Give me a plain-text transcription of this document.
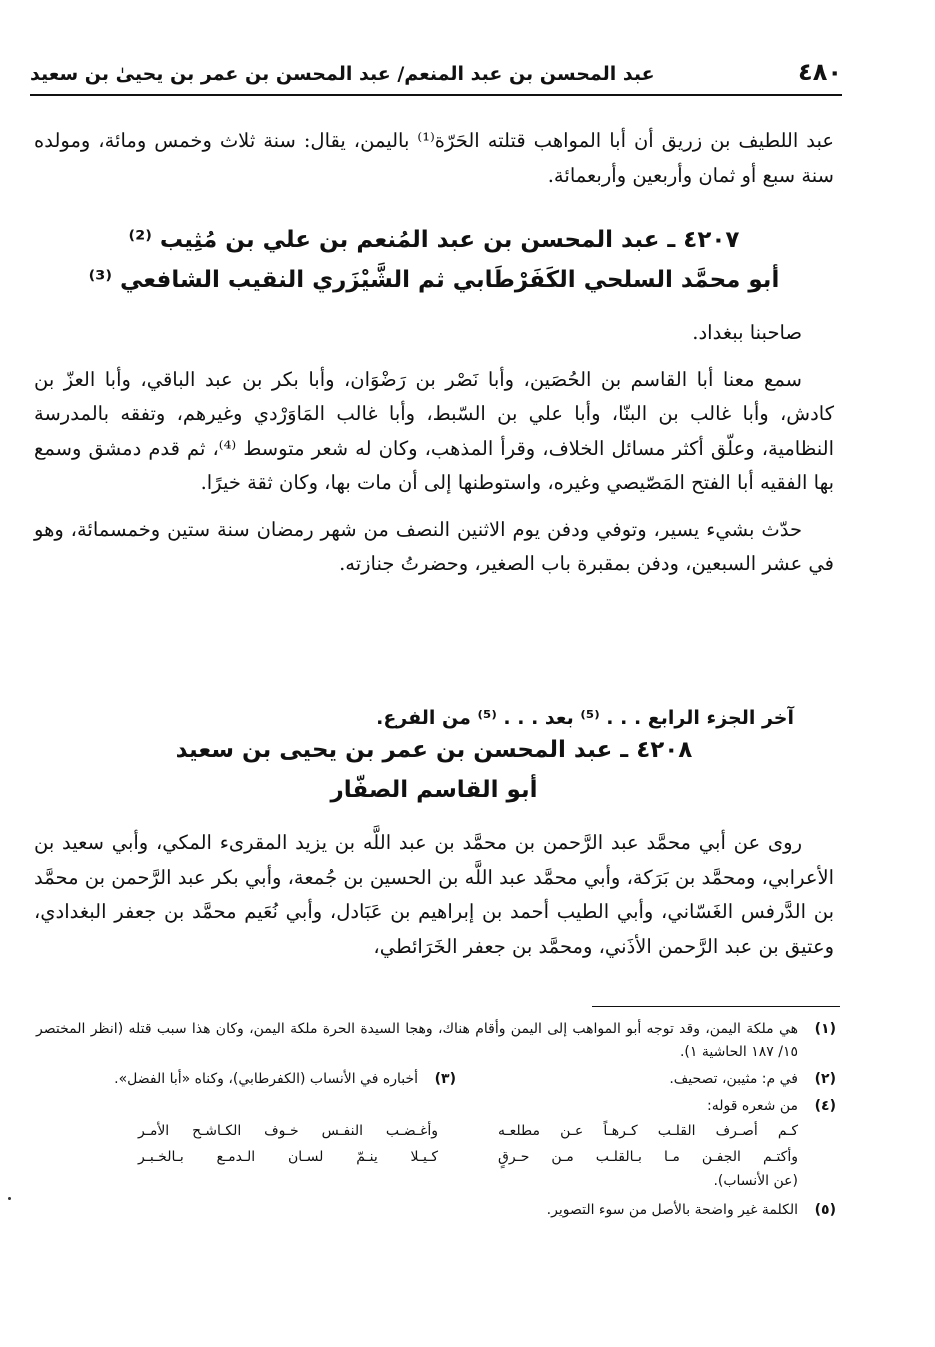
٤٨٠
عبد المحسن بن عبد المنعم/ عبد المحسن بن عمر بن يحيىٰ بن سعيد

عبد اللطيف بن زريق أن أبا المواهب قتلته الحَرّة⁽¹⁾ باليمن، يقال: سنة ثلاث وخمس ومائة، ومولده سنة سبع أو ثمان وأربعين وأربعمائة.

٤٢٠٧ ـ عبد المحسن بن عبد المُنعم بن علي بن مُثِيب ⁽²⁾
أبو محمَّد السلحي الكَفَرْطَابي ثم الشَّيْزَري النقيب الشافعي ⁽³⁾

صاحبنا ببغداد.

سمع معنا أبا القاسم بن الحُصَين، وأبا نَصْر بن رَضْوَان، وأبا بكر بن عبد الباقي، وأبا العزّ بن كادش، وأبا غالب بن البنّا، وأبا علي بن السّبط، وأبا غالب المَاوَرْدي وغيرهم، وتفقه بالمدرسة النظامية، وعلّق أكثر مسائل الخلاف، وقرأ المذهب، وكان له شعر متوسط ⁽⁴⁾، ثم قدم دمشق وسمع بها الفقيه أبا الفتح المَصّيصي وغيره، واستوطنها إلى أن مات بها، وكان ثقة خيرًا.

حدّث بشيء يسير، وتوفي ودفن يوم الاثنين النصف من شهر رمضان سنة ستين وخمسمائة، وهو في عشر السبعين، ودفن بمقبرة باب الصغير، وحضرتُ جنازته.

آخر الجزء الرابع . . . ⁽⁵⁾ بعد . . . ⁽⁵⁾ من الفرع.

٤٢٠٨ ـ عبد المحسن بن عمر بن يحيى بن سعيد
أبو القاسم الصفّار

روى عن أبي محمَّد عبد الرَّحمن بن محمَّد بن عبد اللَّه بن يزيد المقرىء المكي، وأبي سعيد بن الأعرابي، ومحمَّد بن بَرَكة، وأبي محمَّد عبد اللَّه بن الحسين بن جُمعة، وأبي بكر عبد الرَّحمن بن محمَّد بن الدَّرفس الغَسّاني، وأبي الطيب أحمد بن إبراهيم بن عَبَادل، وأبي نُعَيم محمَّد بن جعفر البغدادي، وعتيق بن عبد الرَّحمن الأذَني، ومحمَّد بن جعفر الخَرَائطي،

(١)
هي ملكة اليمن، وقد توجه أبو المواهب إلى اليمن وأقام هناك، وهجا السيدة الحرة ملكة اليمن، وكان هذا سبب قتله (انظر المختصر ١٥/ ١٨٧ الحاشية ١).
(٢)
في م: مثيبن، تصحيف.
(٣)
أخباره في الأنساب (الكفرطابي)، وكناه «أبا الفضل».
(٤)
من شعره قوله:
كـم أصـرف القلـب كـرهـاً عـن مطلعـه
وأغـضـب النفـس خـوف الكـاشـح الأمـر
وأكتـم الجفـن مـا بـالقلـب مـن حـرقٍ
كـيـلا ينـمّ لسـان الـدمـع بـالخـبـر
(عن الأنساب).
(٥)
الكلمة غير واضحة بالأصل من سوء التصوير.
